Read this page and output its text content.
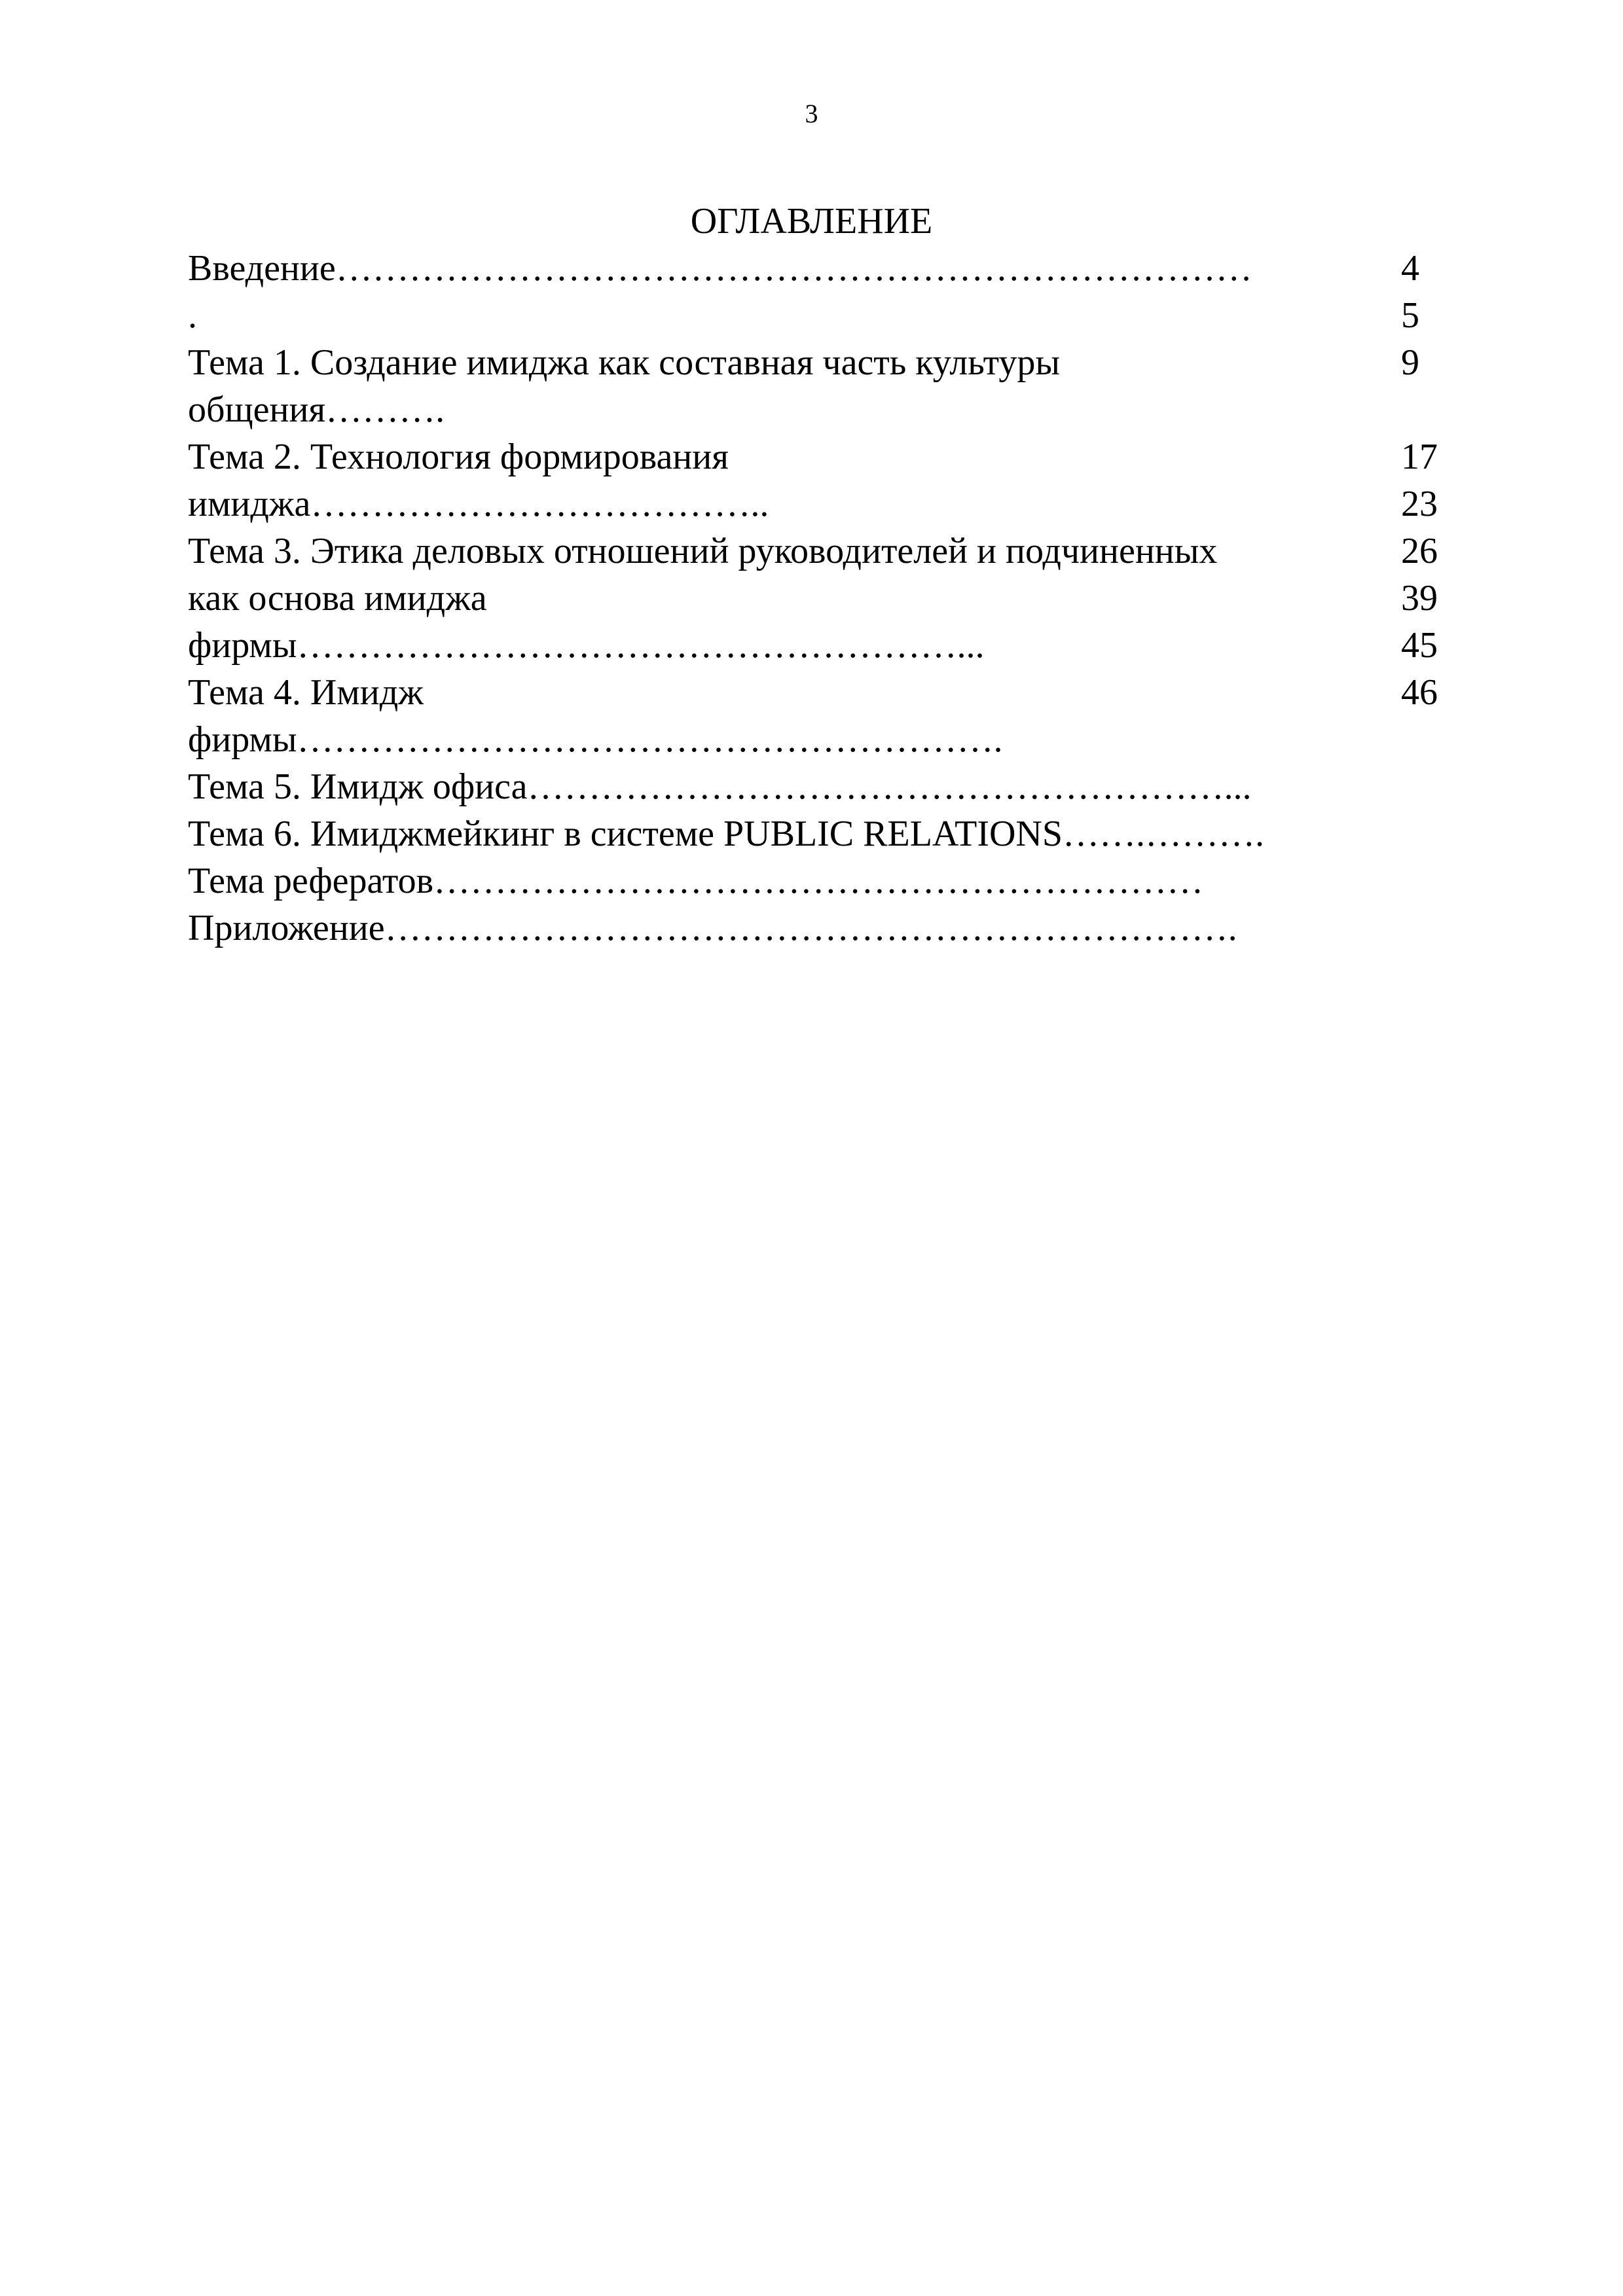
3
ОГЛАВЛЕНИЕ
Введение…………………………………………………………………
.
Тема 1. Создание имиджа как составная часть культуры
общения……….
Тема 2. Технология формирования
имиджа………………………………..
Тема 3. Этика деловых отношений руководителей и подчиненных
как основа имиджа
фирмы………………………………………………...
Тема 4. Имидж
фирмы………………………………………………….
Тема 5. Имидж офиса…………………………………………………...
Тема 6. Имиджмейкинг в системе PUBLIC RELATIONS…….……….
Тема рефератов………………………………………………………
Приложение…………………………………………………………….
4
5
9
17
23
26
39
45
46
